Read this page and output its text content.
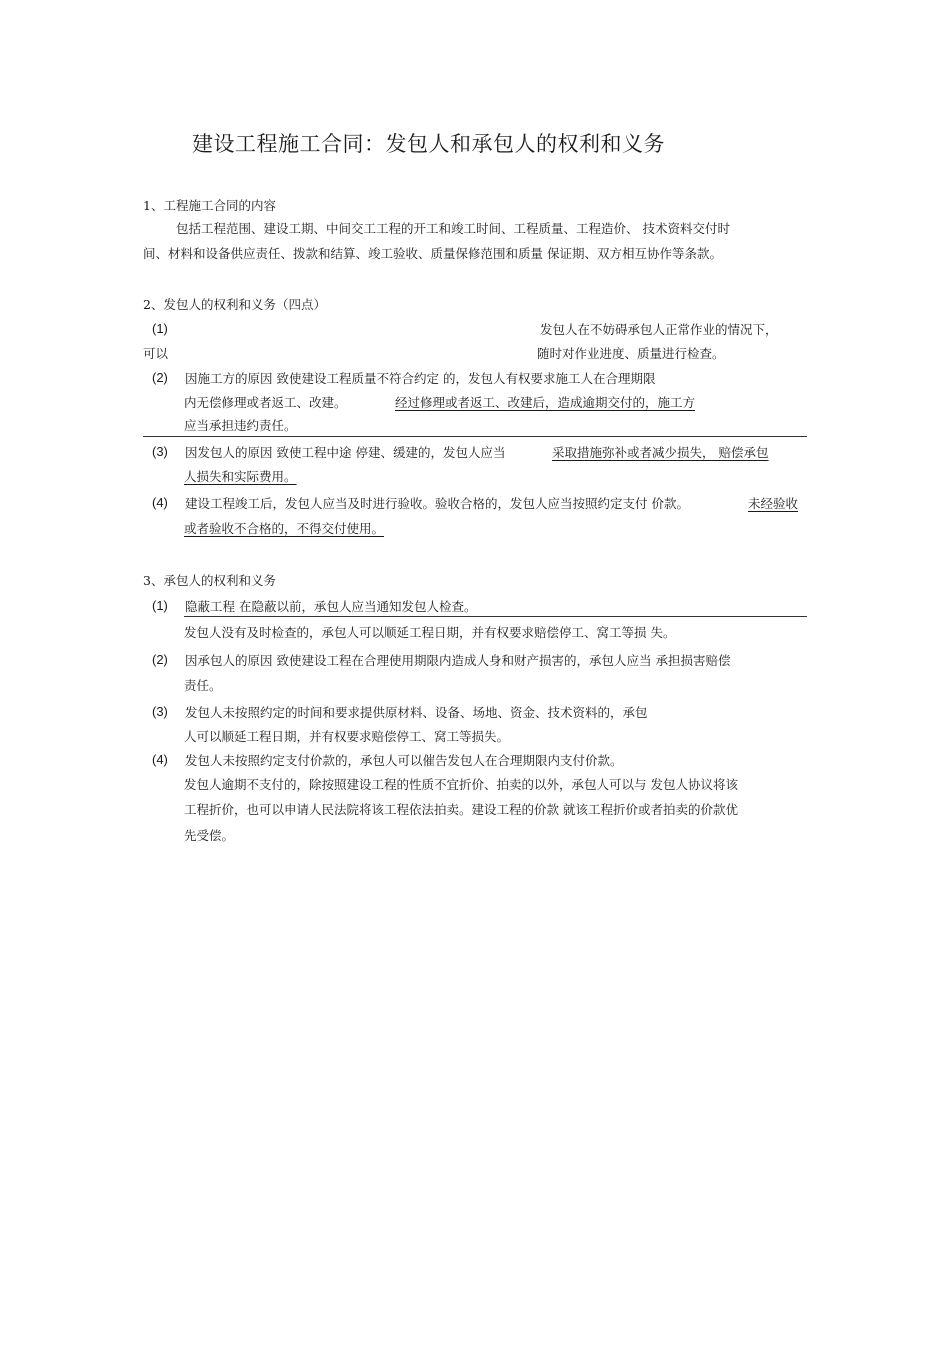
建设工程施工合同：发包人和承包人的权利和义务
1、工程施工合同的内容
包括工程范围、建设工期、中间交工工程的开工和竣工时间、工程质量、工程造价、 技术资料交付时
间、材料和设备供应责任、拨款和结算、竣工验收、质量保修范围和质量 保证期、双方相互协作等条款。
2、发包人的权利和义务（四点）
(1)	发包人在不妨碍承包人正常作业的情况下，
可以	随时对作业进度、质量进行检查。
(2) 因施工方的原因 致使建设工程质量不符合约定 的，发包人有权要求施工人在合理期限
内无偿修理或者返工、改建。	经过修理或者返工、改建后，造成逾期交付的，施工方
应当承担违约责任。
(3) 因发包人的原因 致使工程中途 停建、缓建的，发包人应当	采取措施弥补或者减少损失， 赔偿承包
人损失和实际费用。
(4) 建设工程竣工后，发包人应当及时进行验收。验收合格的，发包人应当按照约定支付 价款。	未经验收
或者验收不合格的，不得交付使用。
3、承包人的权利和义务
(1) 隐蔽工程 在隐蔽以前，承包人应当通知发包人检查。
发包人没有及时检查的，承包人可以顺延工程日期，并有权要求赔偿停工、窝工等损 失。
(2) 因承包人的原因 致使建设工程在合理使用期限内造成人身和财产损害的，承包人应当 承担损害赔偿
责任。
(3) 发包人未按照约定的时间和要求提供原材料、设备、场地、资金、技术资料的，承包
人可以顺延工程日期，并有权要求赔偿停工、窝工等损失。
(4) 发包人未按照约定支付价款的，承包人可以催告发包人在合理期限内支付价款。
发包人逾期不支付的，除按照建设工程的性质不宜折价、拍卖的以外，承包人可以与 发包人协议将该
工程折价，也可以申请人民法院将该工程依法拍卖。建设工程的价款 就该工程折价或者拍卖的价款优
先受偿。
